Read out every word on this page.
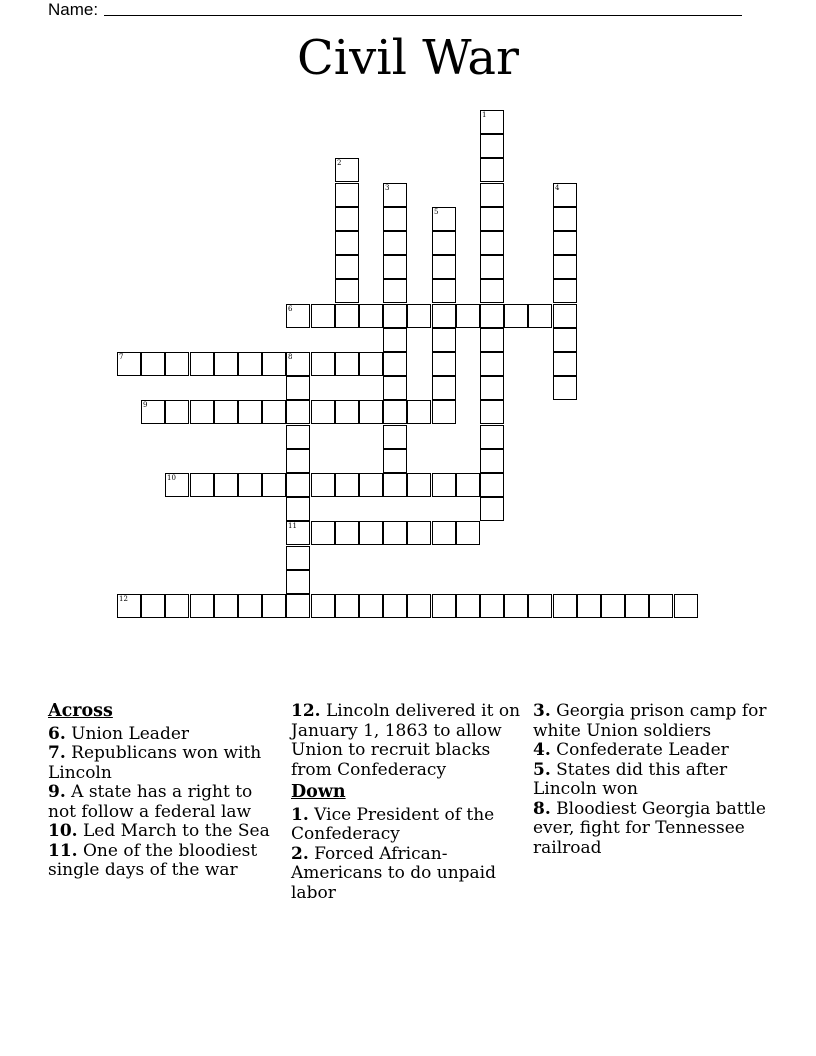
Name:
Civil War
1
2
3	4
5
6
7	8
9
10
11
12
Across
6. Union Leader
7. Republicans won with Lincoln
9. A state has a right to not follow a federal law
10. Led March to the Sea
11. One of the bloodiest single days of the war
12. Lincoln delivered it on January 1, 1863 to allow Union to recruit blacks from Confederacy
Down
1. Vice President of the Confederacy
2. Forced African-Americans to do unpaid labor
3. Georgia prison camp for white Union soldiers
4. Confederate Leader
5. States did this after Lincoln won
8. Bloodiest Georgia battle ever, fight for Tennessee railroad
